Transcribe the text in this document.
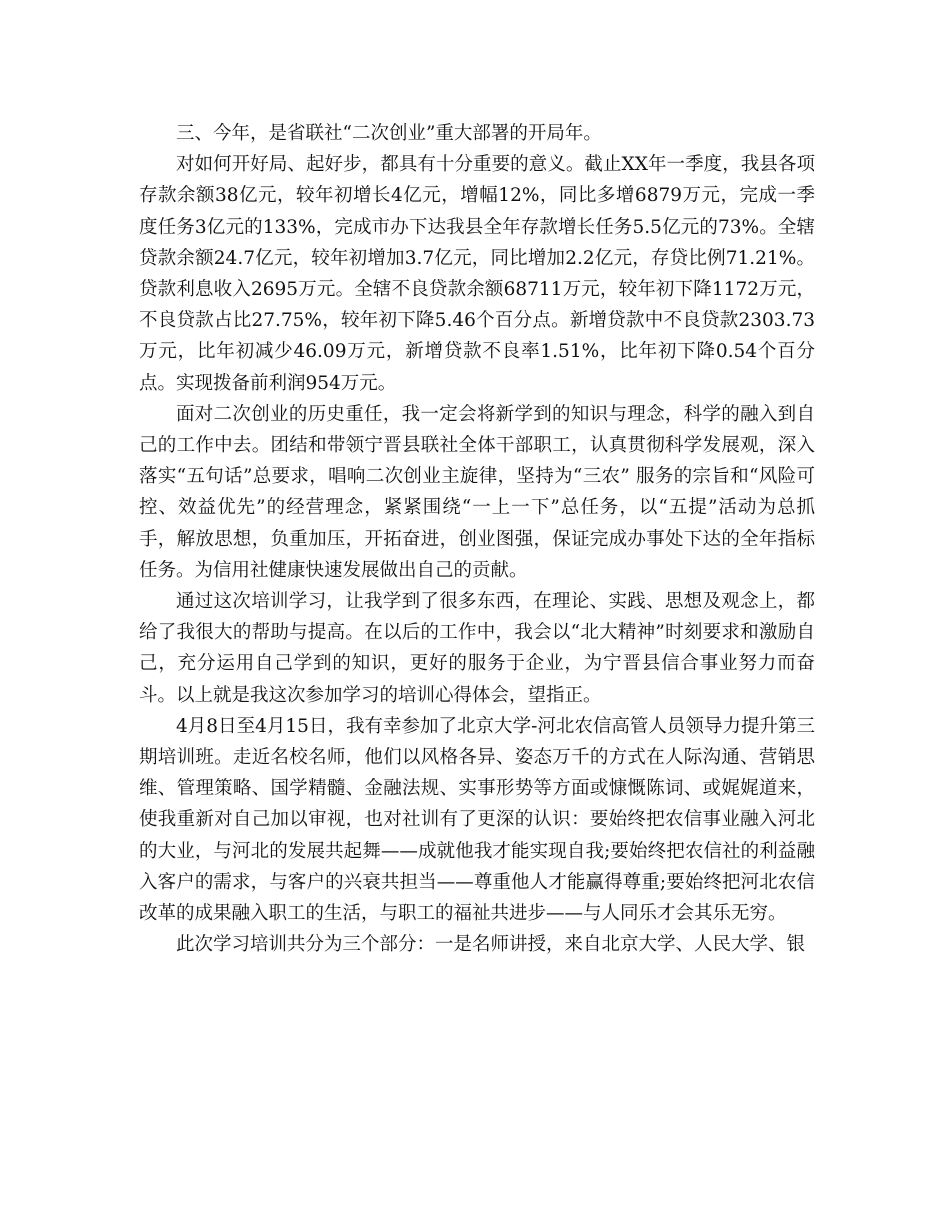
三、今年，是省联社“二次创业”重大部署的开局年。

对如何开好局、起好步，都具有十分重要的意义。截止XX年一季度，我县各项存款余额38亿元，较年初增长4亿元，增幅12%，同比多增6879万元，完成一季度任务3亿元的133%，完成市办下达我县全年存款增长任务5.5亿元的73%。全辖贷款余额24.7亿元，较年初增加3.7亿元，同比增加2.2亿元，存贷比例71.21%。贷款利息收入2695万元。全辖不良贷款余额68711万元，较年初下降1172万元，不良贷款占比27.75%，较年初下降5.46个百分点。新增贷款中不良贷款2303.73万元，比年初减少46.09万元，新增贷款不良率1.51%，比年初下降0.54个百分点。实现拨备前利润954万元。

面对二次创业的历史重任，我一定会将新学到的知识与理念，科学的融入到自己的工作中去。团结和带领宁晋县联社全体干部职工，认真贯彻科学发展观，深入落实“五句话”总要求，唱响二次创业主旋律，坚持为“三农” 服务的宗旨和“风险可控、效益优先”的经营理念，紧紧围绕“一上一下”总任务，以“五提”活动为总抓手，解放思想，负重加压，开拓奋进，创业图强，保证完成办事处下达的全年指标任务。为信用社健康快速发展做出自己的贡献。

通过这次培训学习，让我学到了很多东西，在理论、实践、思想及观念上，都给了我很大的帮助与提高。在以后的工作中，我会以“北大精神”时刻要求和激励自己，充分运用自己学到的知识，更好的服务于企业，为宁晋县信合事业努力而奋斗。以上就是我这次参加学习的培训心得体会，望指正。

4月8日至4月15日，我有幸参加了北京大学-河北农信高管人员领导力提升第三期培训班。走近名校名师，他们以风格各异、姿态万千的方式在人际沟通、营销思维、管理策略、国学精髓、金融法规、实事形势等方面或慷慨陈词、或娓娓道来，使我重新对自己加以审视，也对社训有了更深的认识：要始终把农信事业融入河北的大业，与河北的发展共起舞——成就他我才能实现自我;要始终把农信社的利益融入客户的需求，与客户的兴衰共担当——尊重他人才能赢得尊重;要始终把河北农信改革的成果融入职工的生活，与职工的福祉共进步——与人同乐才会其乐无穷。

此次学习培训共分为三个部分：一是名师讲授，来自北京大学、人民大学、银
